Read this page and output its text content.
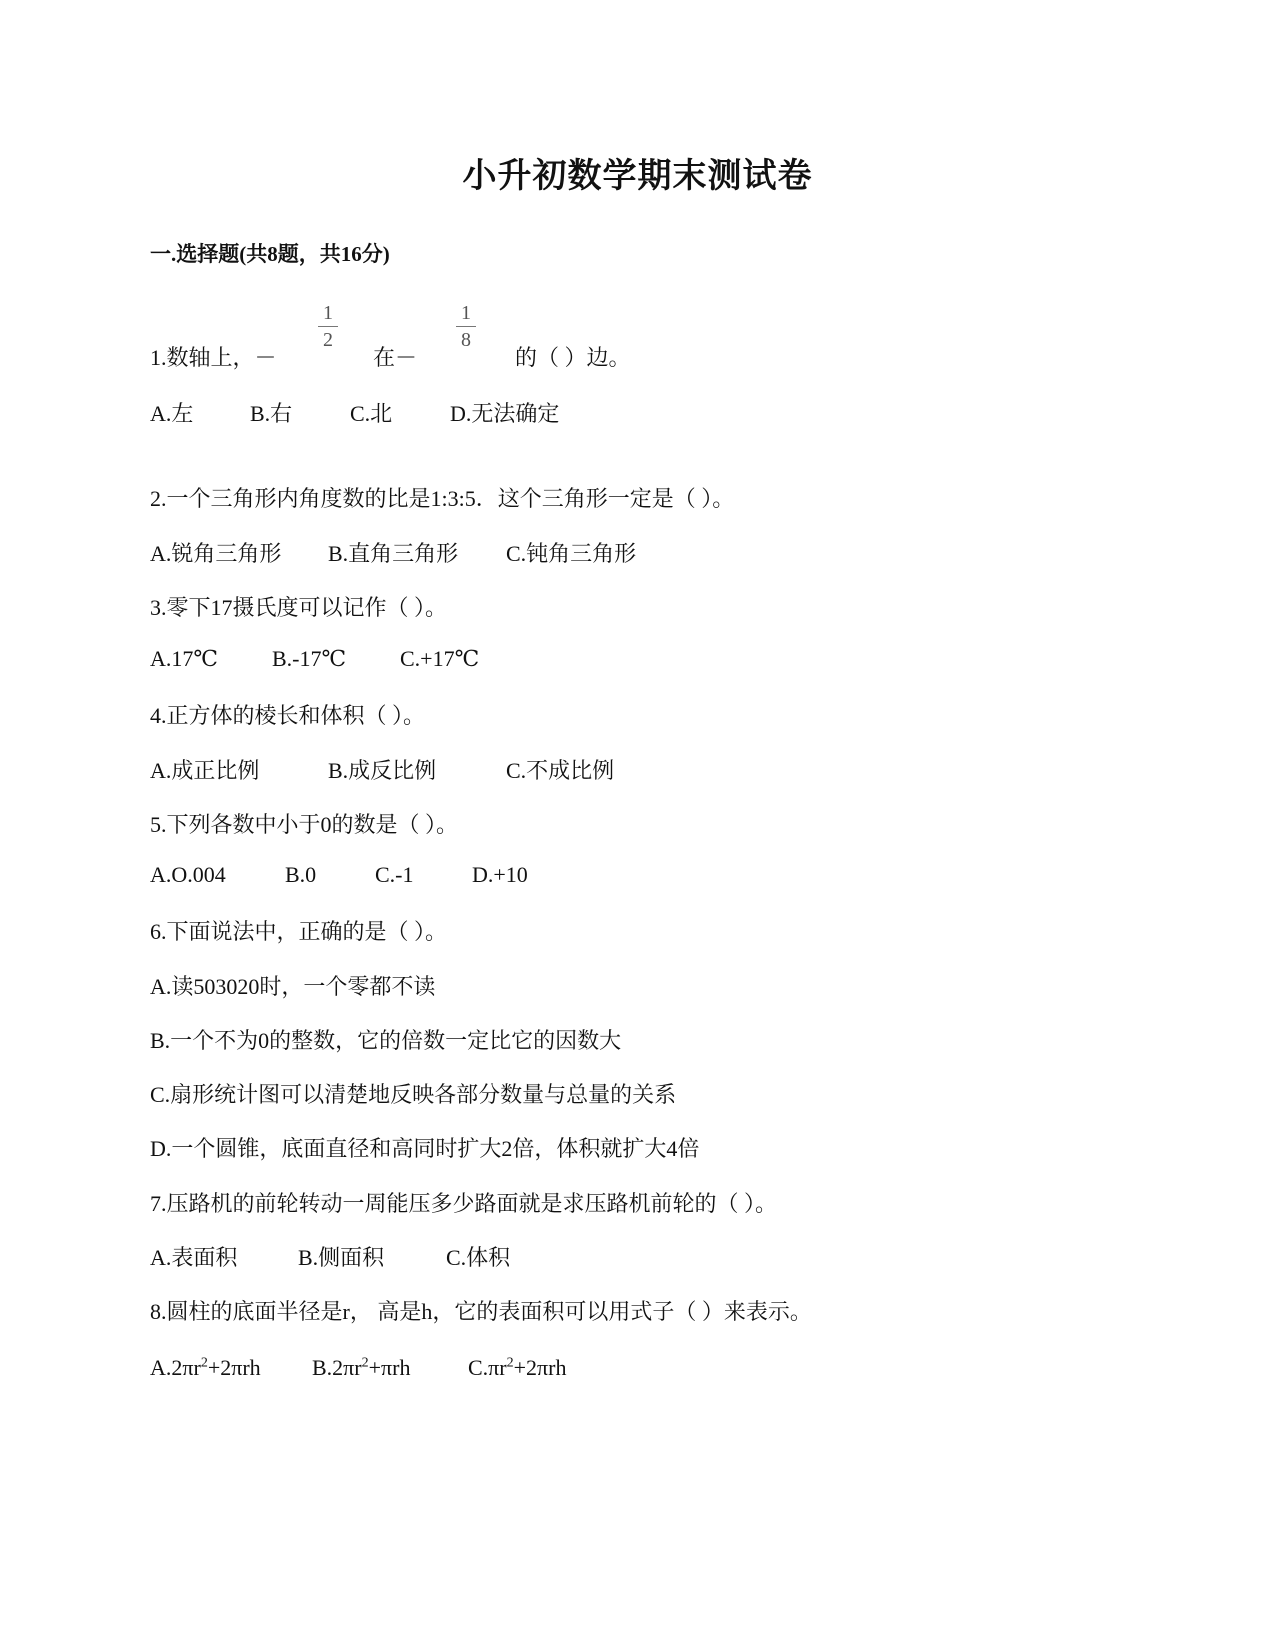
小升初数学期末测试卷
一.选择题(共8题，共16分)
1.数轴上，－
1
2
在－
1
8
的（ ）边。
A.左	B.右	C.北	D.无法确定
2.一个三角形内角度数的比是1:3:5．这个三角形一定是（ ）。
A.锐角三角形 B.直角三角形 C.钝角三角形
3.零下17摄氏度可以记作（ ）。
A.17℃ B.-17℃ C.+17℃
4.正方体的棱长和体积（ ）。
A.成正比例	B.成反比例	C.不成比例
5.下列各数中小于0的数是（ ）。
A.O.004	B.0	C.-1	D.+10
6.下面说法中，正确的是（ ）。
A.读503020时，一个零都不读
B.一个不为0的整数，它的倍数一定比它的因数大
C.扇形统计图可以清楚地反映各部分数量与总量的关系
D.一个圆锥，底面直径和高同时扩大2倍，体积就扩大4倍
7.压路机的前轮转动一周能压多少路面就是求压路机前轮的（ ）。
A.表面积	B.侧面积	C.体积
8.圆柱的底面半径是r， 高是h，它的表面积可以用式子（ ）来表示。
$A.2\pi r^2+2\pi rh$ $B.2\pi r^2+\pi rh$	$C.\pi r^2+2\pi rh$
